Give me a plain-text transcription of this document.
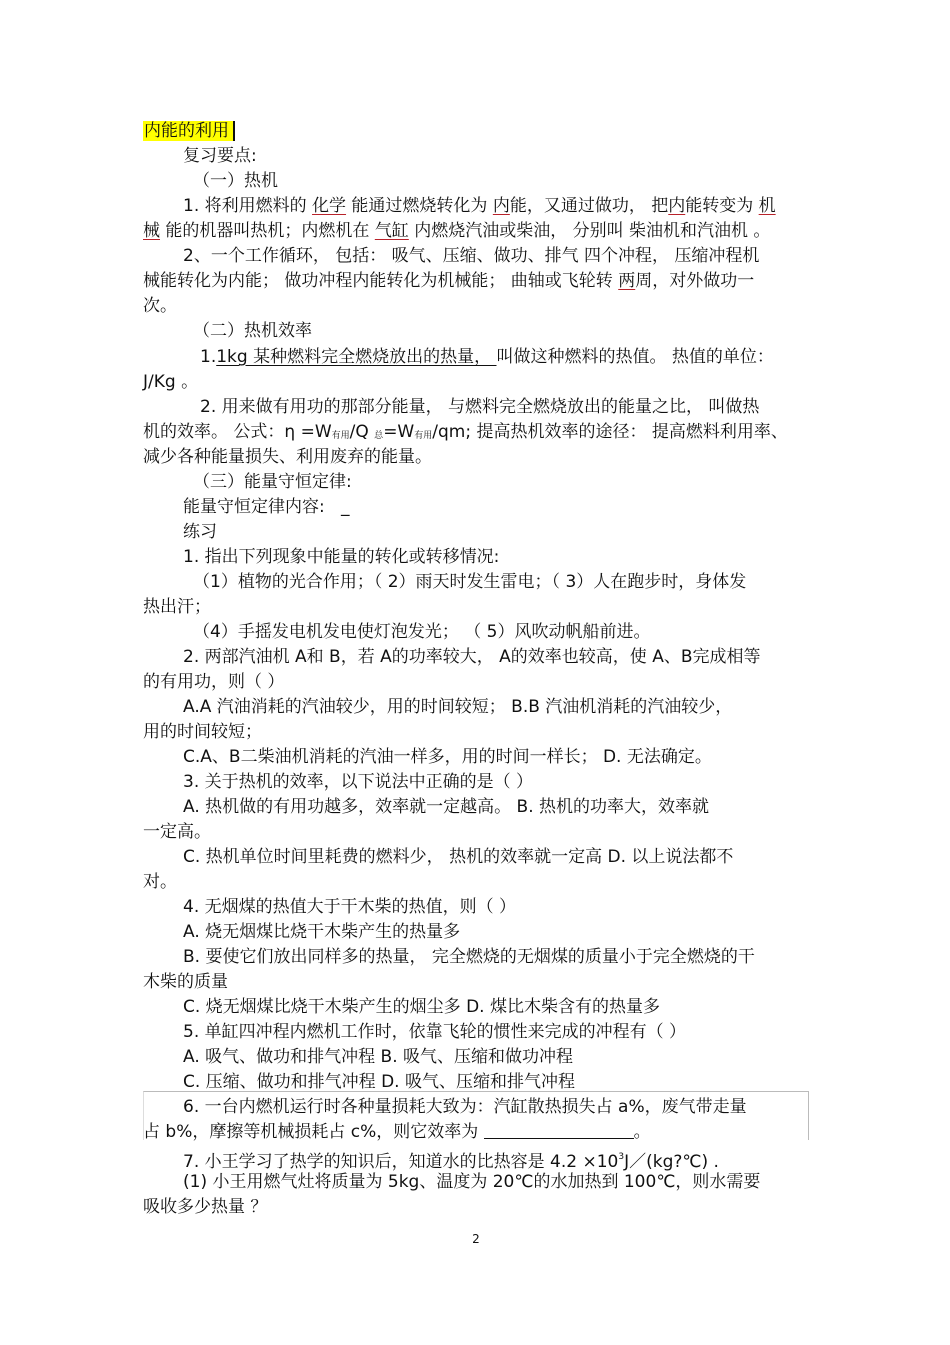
内能的利用
复习要点:
（一）热机
1. 将利用燃料的 化学 能通过燃烧转化为 内能，又通过做功， 把内能转变为 机
械 能的机器叫热机；内燃机在 气缸 内燃烧汽油或柴油， 分别叫 柴油机和汽油机 。
2、一个工作循环， 包括： 吸气、压缩、做功、排气 四个冲程， 压缩冲程机
械能转化为内能； 做功冲程内能转化为机械能； 曲轴或飞轮转 两周，对外做功一
次。
（二）热机效率
1.1kg 某种燃料完全燃烧放出的热量， 叫做这种燃料的热值。 热值的单位：
J/Kg 。
2. 用来做有用功的那部分能量， 与燃料完全燃烧放出的能量之比， 叫做热
机的效率。 公式：$\eta =W_{有用}/Q$ $_总=W_{有用}/qm$; 提高热机效率的途径： 提高燃料利用率、
减少各种能量损失、利用废弃的能量。
（三）能量守恒定律:
能量守恒定律内容: _
练习
1. 指出下列现象中能量的转化或转移情况:
（1）植物的光合作用；（ 2）雨天时发生雷电；（ 3）人在跑步时，身体发
热出汗；
（4）手摇发电机发电使灯泡发光； （ 5）风吹动帆船前进。
2. 两部汽油机 A和 B，若 A的功率较大， A的效率也较高，使 A、B完成相等
的有用功，则（ ）
A.A 汽油消耗的汽油较少，用的时间较短； B.B 汽油机消耗的汽油较少，
用的时间较短；
C.A、B二柴油机消耗的汽油一样多，用的时间一样长； D. 无法确定。
3. 关于热机的效率，以下说法中正确的是（ ）
A. 热机做的有用功越多，效率就一定越高。 B. 热机的功率大，效率就
一定高。
C. 热机单位时间里耗费的燃料少， 热机的效率就一定高 D. 以上说法都不
对。
4. 无烟煤的热值大于干木柴的热值，则（ ）
A. 烧无烟煤比烧干木柴产生的热量多
B. 要使它们放出同样多的热量， 完全燃烧的无烟煤的质量小于完全燃烧的干
木柴的质量
C. 烧无烟煤比烧干木柴产生的烟尘多 D. 煤比木柴含有的热量多
5. 单缸四冲程内燃机工作时，依靠飞轮的惯性来完成的冲程有（ ）
A. 吸气、做功和排气冲程 B. 吸气、压缩和做功冲程
C. 压缩、做功和排气冲程 D. 吸气、压缩和排气冲程
6. 一台内燃机运行时各种量损耗大致为：汽缸散热损失占 a%，废气带走量
占 b%，摩擦等机械损耗占 c%，则它效率为	。
7. 小王学习了热学的知识后，知道水的比热容是 $4.2 \times 10^3J/(kg?℃)$ .
(1) 小王用燃气灶将质量为 5kg、温度为 20℃的水加热到 100℃，则水需要
吸收多少热量 ？
2
